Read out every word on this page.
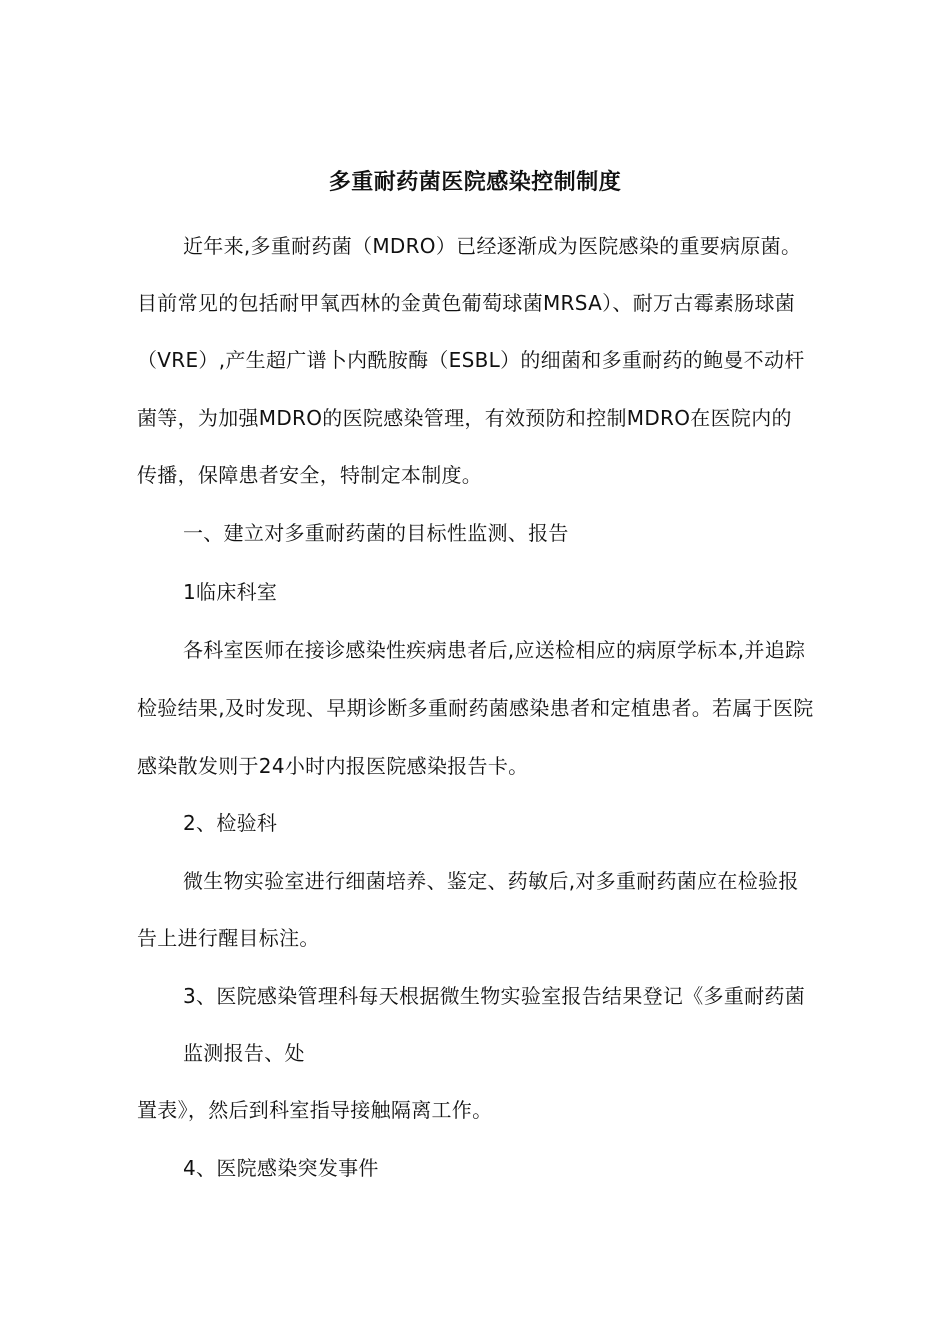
多重耐药菌医院感染控制制度
近年来,多重耐药菌（MDRO）已经逐渐成为医院感染的重要病原菌。
目前常见的包括耐甲氧西林的金黄色葡萄球菌MRSA）、耐万古霉素肠球菌
（VRE）,产生超广谱卜内酰胺酶（ESBL）的细菌和多重耐药的鲍曼不动杆
菌等，为加强MDRO的医院感染管理，有效预防和控制MDRO在医院内的
传播，保障患者安全，特制定本制度。
一、建立对多重耐药菌的目标性监测、报告
1临床科室
各科室医师在接诊感染性疾病患者后,应送检相应的病原学标本,并追踪
检验结果,及时发现、早期诊断多重耐药菌感染患者和定植患者。若属于医院
感染散发则于24小时内报医院感染报告卡。
2、检验科
微生物实验室进行细菌培养、鉴定、药敏后,对多重耐药菌应在检验报
告上进行醒目标注。
3、医院感染管理科每天根据微生物实验室报告结果登记《多重耐药菌
监测报告、处
置表》，然后到科室指导接触隔离工作。
4、医院感染突发事件
